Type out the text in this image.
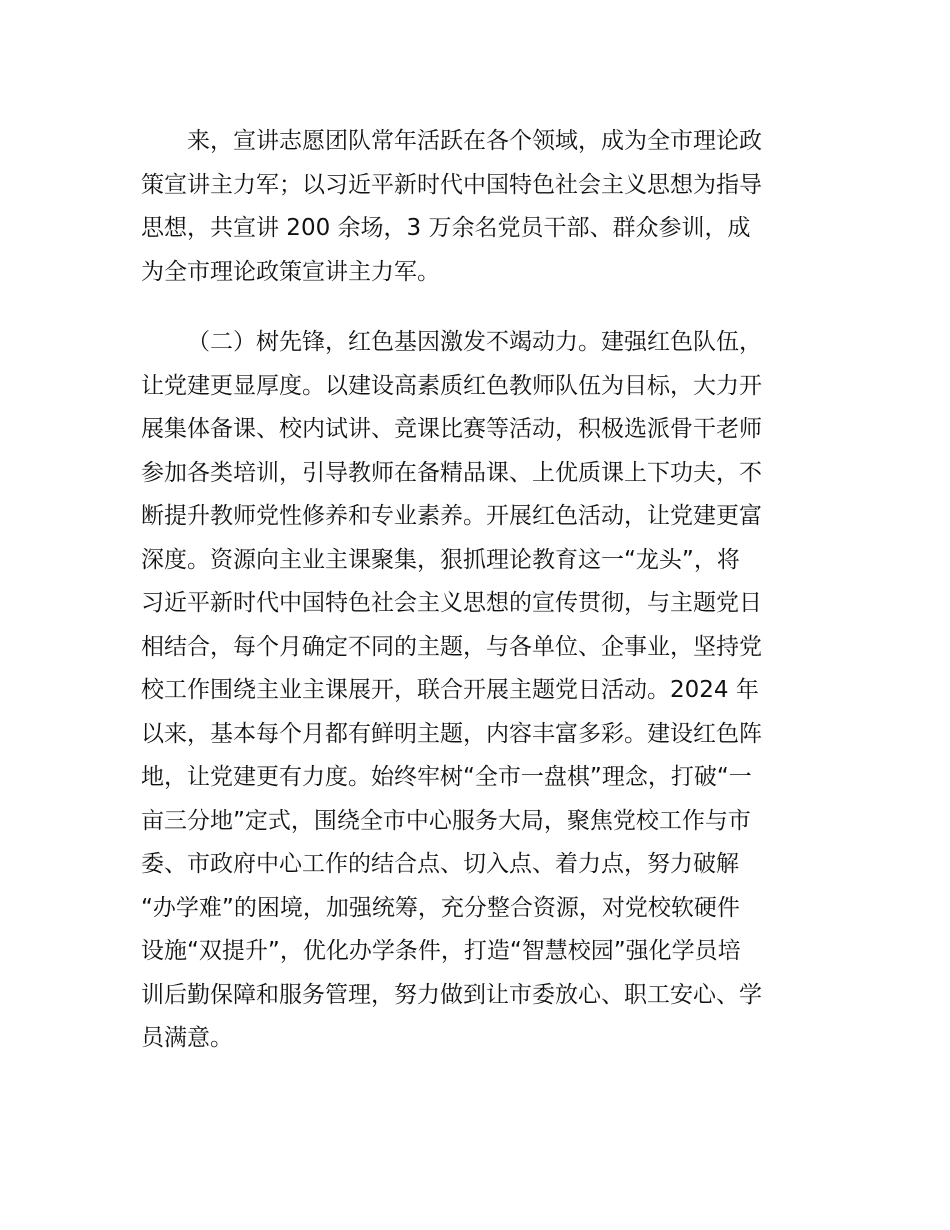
来，宣讲志愿团队常年活跃在各个领域，成为全市理论政
策宣讲主力军；以习近平新时代中国特色社会主义思想为指导
思想，共宣讲 200 余场，3 万余名党员干部、群众参训，成
为全市理论政策宣讲主力军。
（二）树先锋，红色基因激发不竭动力。建强红色队伍，
让党建更显厚度。以建设高素质红色教师队伍为目标，大力开
展集体备课、校内试讲、竞课比赛等活动，积极选派骨干老师
参加各类培训，引导教师在备精品课、上优质课上下功夫，不
断提升教师党性修养和专业素养。开展红色活动，让党建更富
深度。资源向主业主课聚集，狠抓理论教育这一“龙头”，将
习近平新时代中国特色社会主义思想的宣传贯彻，与主题党日
相结合，每个月确定不同的主题，与各单位、企事业，坚持党
校工作围绕主业主课展开，联合开展主题党日活动。2024 年
以来，基本每个月都有鲜明主题，内容丰富多彩。建设红色阵
地，让党建更有力度。始终牢树“全市一盘棋”理念，打破“一
亩三分地”定式，围绕全市中心服务大局，聚焦党校工作与市
委、市政府中心工作的结合点、切入点、着力点，努力破解
“办学难”的困境，加强统筹，充分整合资源，对党校软硬件
设施“双提升”，优化办学条件，打造“智慧校园”强化学员培
训后勤保障和服务管理，努力做到让市委放心、职工安心、学
员满意。
